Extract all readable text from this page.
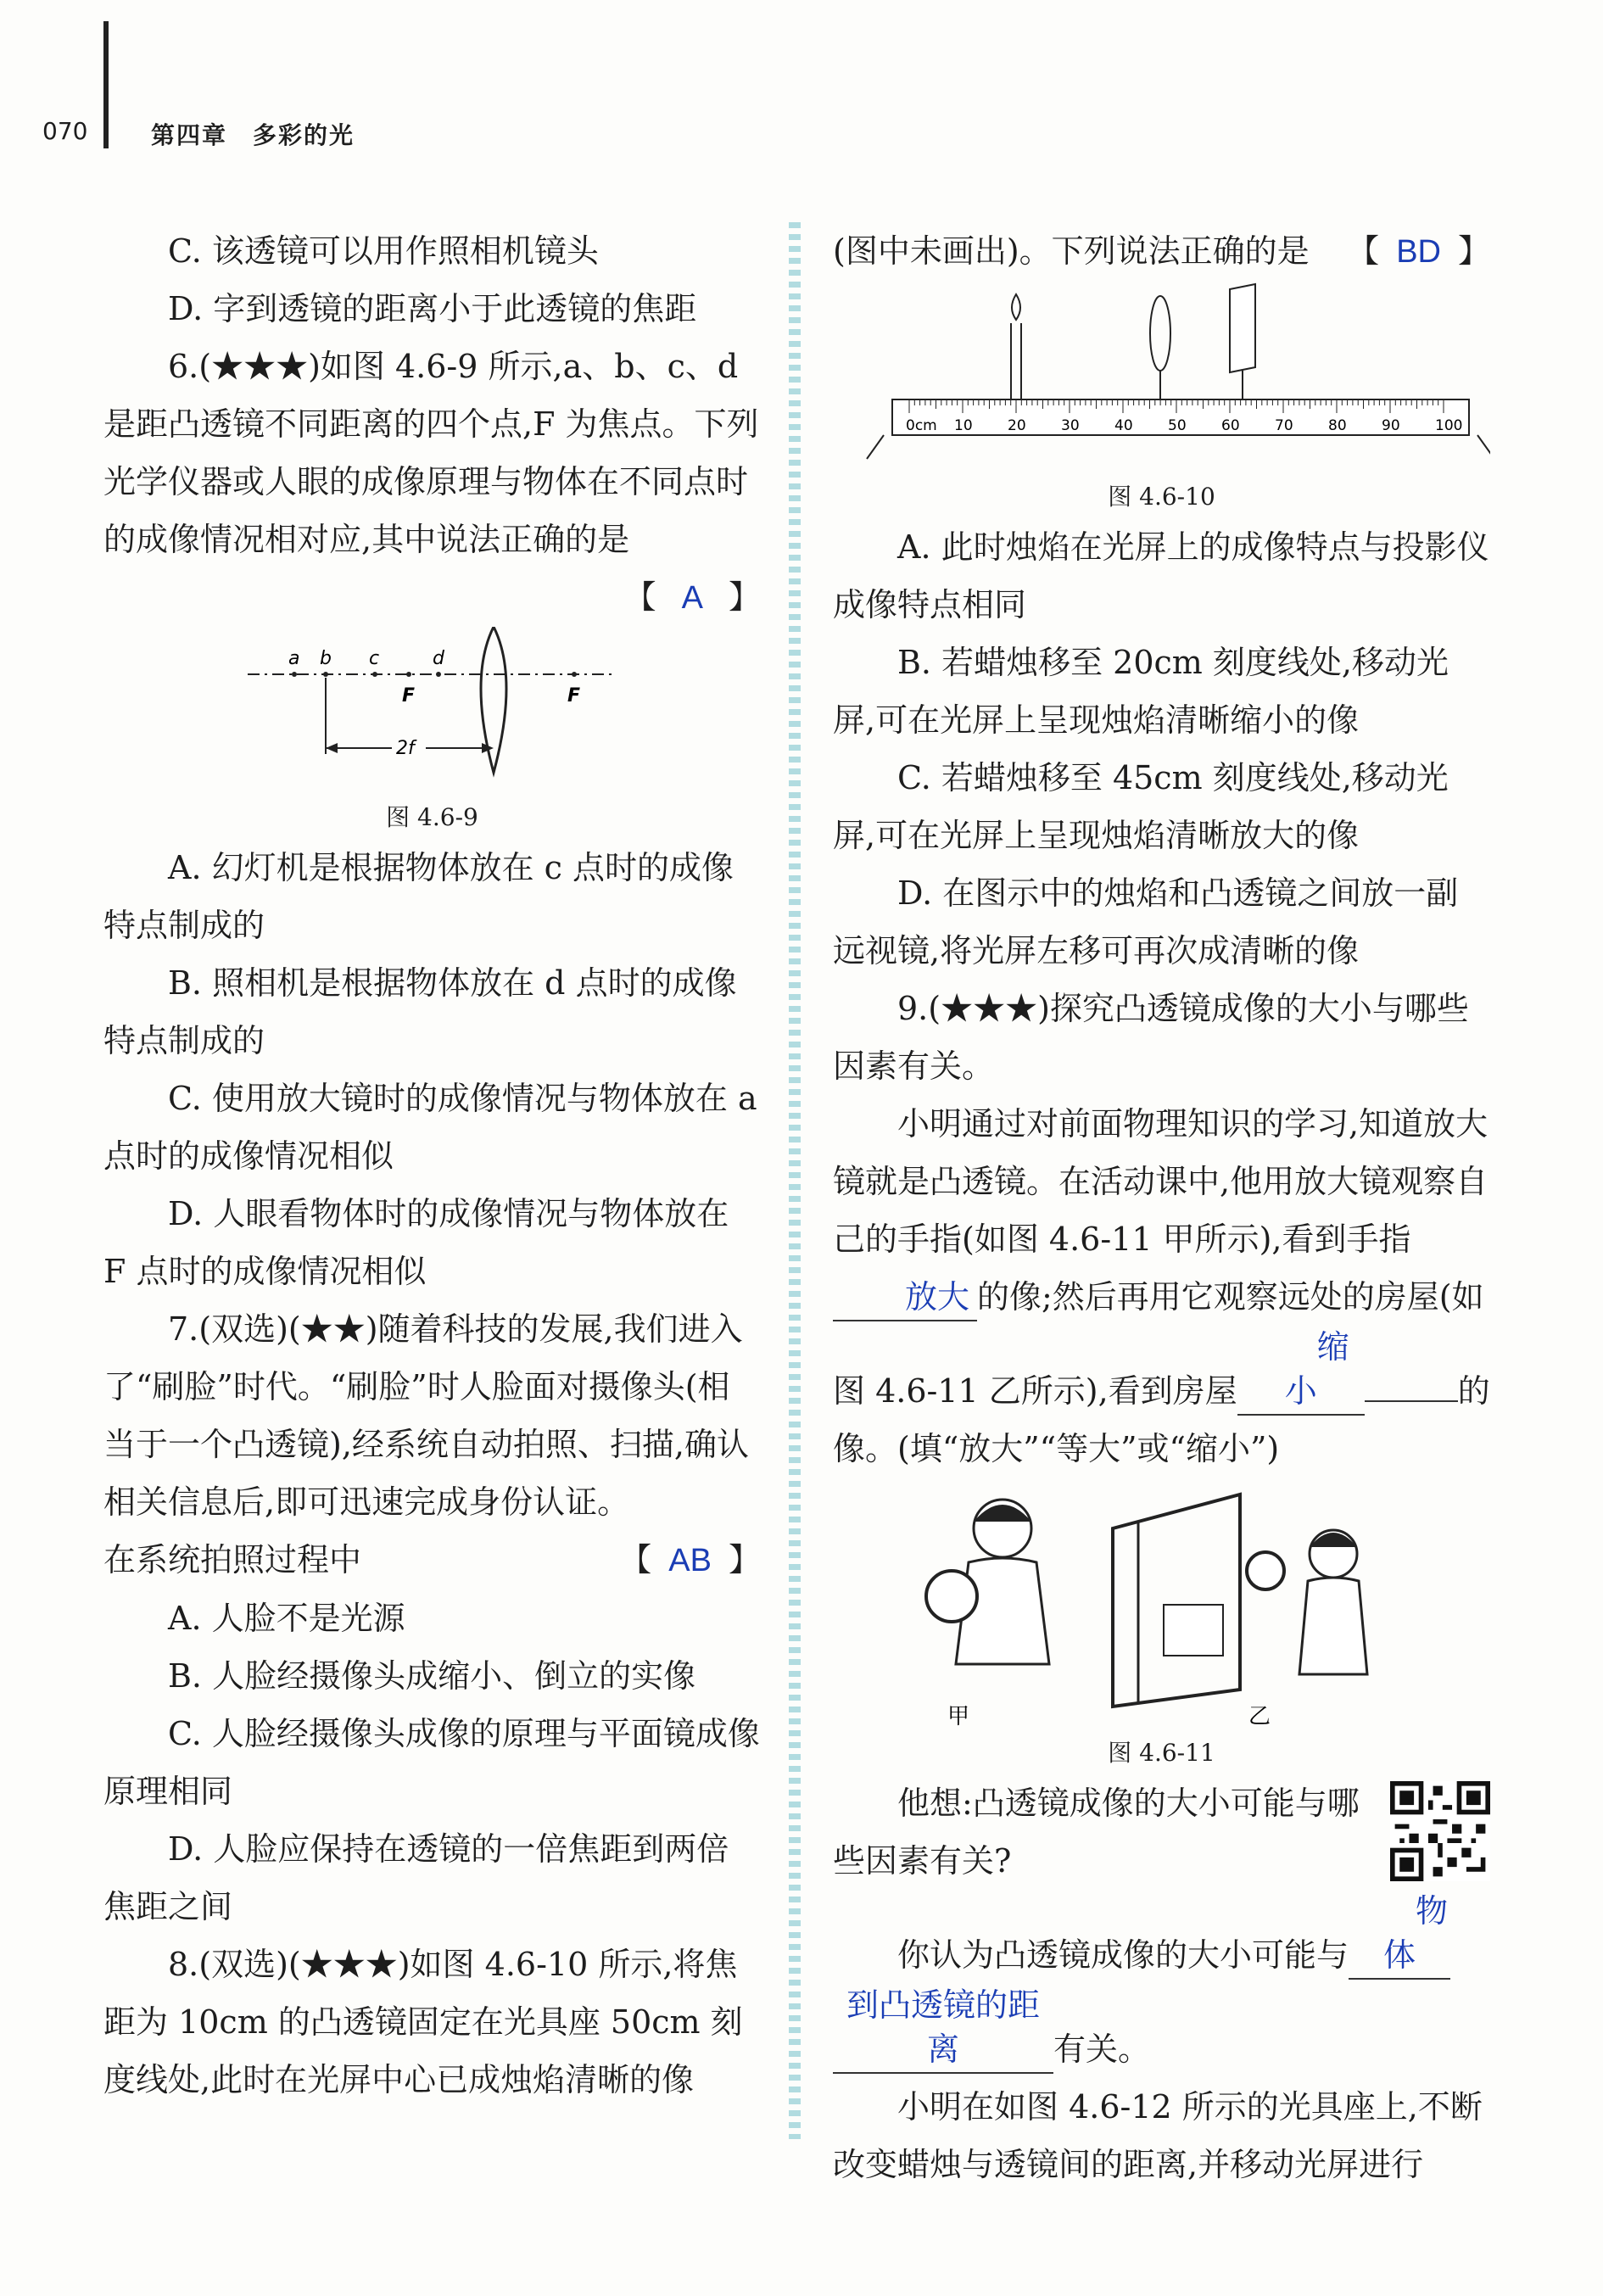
070	第四章　多彩的光

C. 该透镜可以用作照相机镜头

D. 字到透镜的距离小于此透镜的焦距

6.(★★★)如图 4.6-9 所示,a、b、c、d 是距凸透镜不同距离的四个点,F 为焦点。下列光学仪器或人眼的成像原理与物体在不同点时的成像情况相对应,其中说法正确的是

【 A 】

a b c	d
F	F
2f

图 4.6-9

A. 幻灯机是根据物体放在 c 点时的成像特点制成的

B. 照相机是根据物体放在 d 点时的成像特点制成的

C. 使用放大镜时的成像情况与物体放在 a 点时的成像情况相似

D. 人眼看物体时的成像情况与物体放在 F 点时的成像情况相似

7.(双选)(★★)随着科技的发展,我们进入了“刷脸”时代。“刷脸”时人脸面对摄像头(相当于一个凸透镜),经系统自动拍照、扫描,确认相关信息后,即可迅速完成身份认证。

在系统拍照过程中	【 AB 】

A. 人脸不是光源

B. 人脸经摄像头成缩小、倒立的实像

C. 人脸经摄像头成像的原理与平面镜成像原理相同

D. 人脸应保持在透镜的一倍焦距到两倍焦距之间

8.(双选)(★★★)如图 4.6-10 所示,将焦距为 10cm 的凸透镜固定在光具座 50cm 刻度线处,此时在光屏中心已成烛焰清晰的像

(图中未画出)。下列说法正确的是 【 BD 】
0cm 10 20 30 40 50 60 70 80 90 100

图 4.6-10

A. 此时烛焰在光屏上的成像特点与投影仪成像特点相同

B. 若蜡烛移至 20cm 刻度线处,移动光屏,可在光屏上呈现烛焰清晰缩小的像

C. 若蜡烛移至 45cm 刻度线处,移动光屏,可在光屏上呈现烛焰清晰放大的像

D. 在图示中的烛焰和凸透镜之间放一副远视镜,将光屏左移可再次成清晰的像

9.(★★★)探究凸透镜成像的大小与哪些因素有关。

小明通过对前面物理知识的学习,知道放大镜就是凸透镜。在活动课中,他用放大镜观察自己的手指(如图 4.6-11 甲所示),看到手指放大 的像;然后再用它观察远处的房屋(如图 4.6-11 乙所示),看到房屋缩小	的像。(填“放大”“等大”或“缩小”)

甲	乙

图 4.6-11

他想:凸透镜成像的大小可能与哪些因素有关?

你认为凸透镜成像的大小可能与物体

到凸透镜的距离	有关。

小明在如图 4.6-12 所示的光具座上,不断改变蜡烛与透镜间的距离,并移动光屏进行
